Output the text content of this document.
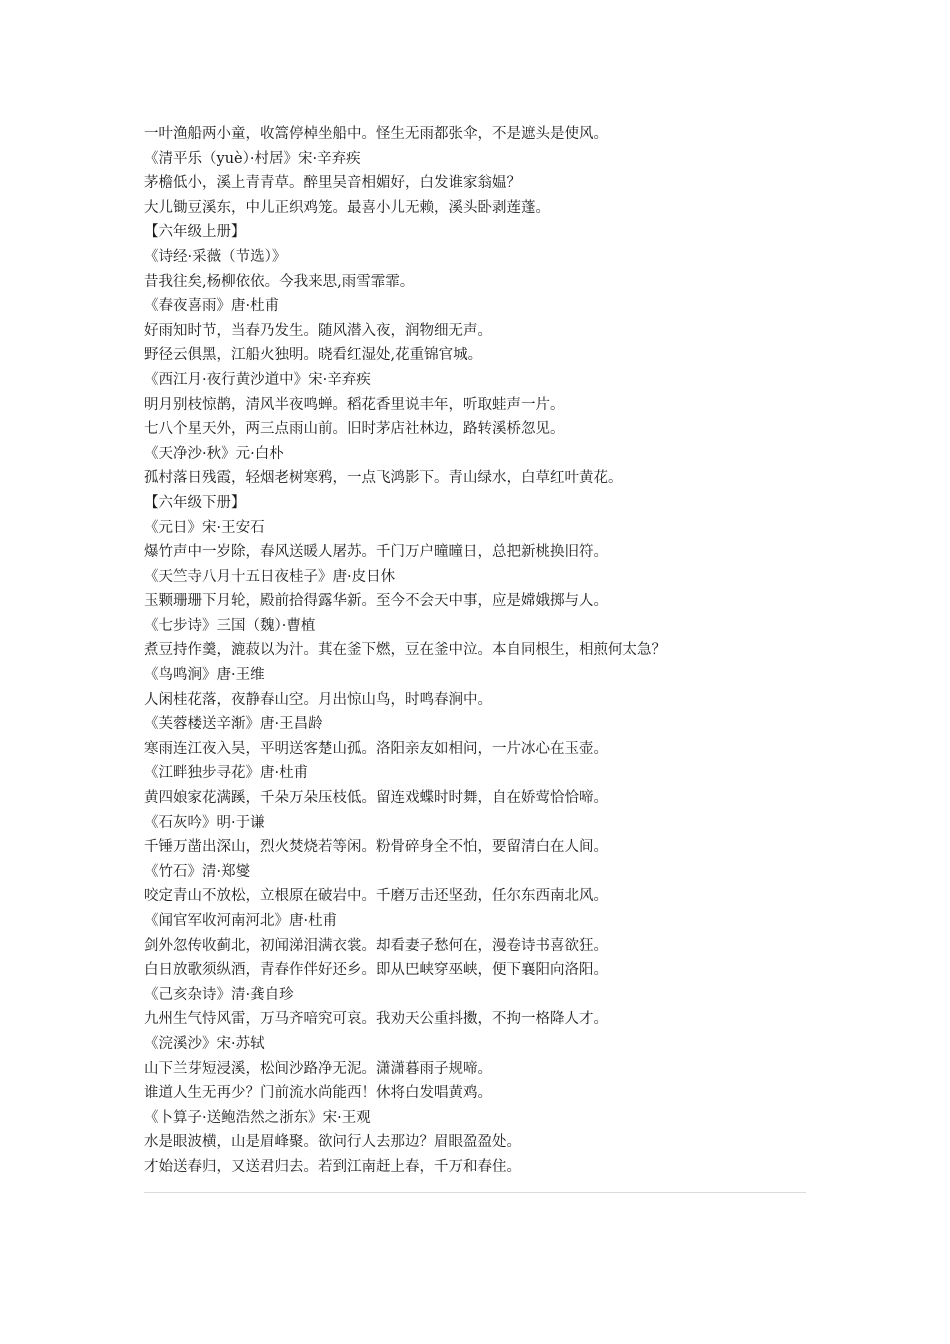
一叶渔船两小童，收篙停棹坐船中。怪生无雨都张伞，不是遮头是使风。
《清平乐（yuè）·村居》宋·辛弃疾
茅檐低小，溪上青青草。醉里吴音相媚好，白发谁家翁媪？
大儿锄豆溪东，中儿正织鸡笼。最喜小儿无赖，溪头卧剥莲蓬。
【六年级上册】
《诗经·采薇（节选）》
昔我往矣,杨柳依依。今我来思,雨雪霏霏。
《春夜喜雨》唐·杜甫
好雨知时节，当春乃发生。随风潜入夜，润物细无声。
野径云俱黑，江船火独明。晓看红湿处,花重锦官城。
《西江月·夜行黄沙道中》宋·辛弃疾
明月别枝惊鹊，清风半夜鸣蝉。稻花香里说丰年，听取蛙声一片。
七八个星天外，两三点雨山前。旧时茅店社林边，路转溪桥忽见。
《天净沙·秋》元·白朴
孤村落日残霞，轻烟老树寒鸦，一点飞鸿影下。青山绿水，白草红叶黄花。
【六年级下册】
《元日》宋·王安石
爆竹声中一岁除，春风送暖人屠苏。千门万户曈曈日，总把新桃换旧符。
《天竺寺八月十五日夜桂子》唐·皮日休
玉颗珊珊下月轮，殿前拾得露华新。至今不会天中事，应是嫦娥掷与人。
《七步诗》三国（魏）·曹植
煮豆持作羹，漉菽以为汁。萁在釜下燃，豆在釜中泣。本自同根生，相煎何太急？
《鸟鸣涧》唐·王维
人闲桂花落，夜静春山空。月出惊山鸟，时鸣春涧中。
《芙蓉楼送辛渐》唐·王昌龄
寒雨连江夜入吴，平明送客楚山孤。洛阳亲友如相问，一片冰心在玉壶。
《江畔独步寻花》唐·杜甫
黄四娘家花满蹊，千朵万朵压枝低。留连戏蝶时时舞，自在娇莺恰恰啼。
《石灰吟》明·于谦
千锤万凿出深山，烈火焚烧若等闲。粉骨碎身全不怕，要留清白在人间。
《竹石》清·郑燮
咬定青山不放松，立根原在破岩中。千磨万击还坚劲，任尔东西南北风。
《闻官军收河南河北》唐·杜甫
剑外忽传收蓟北，初闻涕泪满衣裳。却看妻子愁何在，漫卷诗书喜欲狂。
白日放歌须纵酒，青春作伴好还乡。即从巴峡穿巫峡，便下襄阳向洛阳。
《己亥杂诗》清·龚自珍
九州生气恃风雷，万马齐喑究可哀。我劝天公重抖擞，不拘一格降人才。
《浣溪沙》宋·苏轼
山下兰芽短浸溪，松间沙路净无泥。潇潇暮雨子规啼。
谁道人生无再少？门前流水尚能西！休将白发唱黄鸡。
《卜算子·送鲍浩然之浙东》宋·王观
水是眼波横，山是眉峰聚。欲问行人去那边？眉眼盈盈处。
才始送春归，又送君归去。若到江南赶上春，千万和春住。
